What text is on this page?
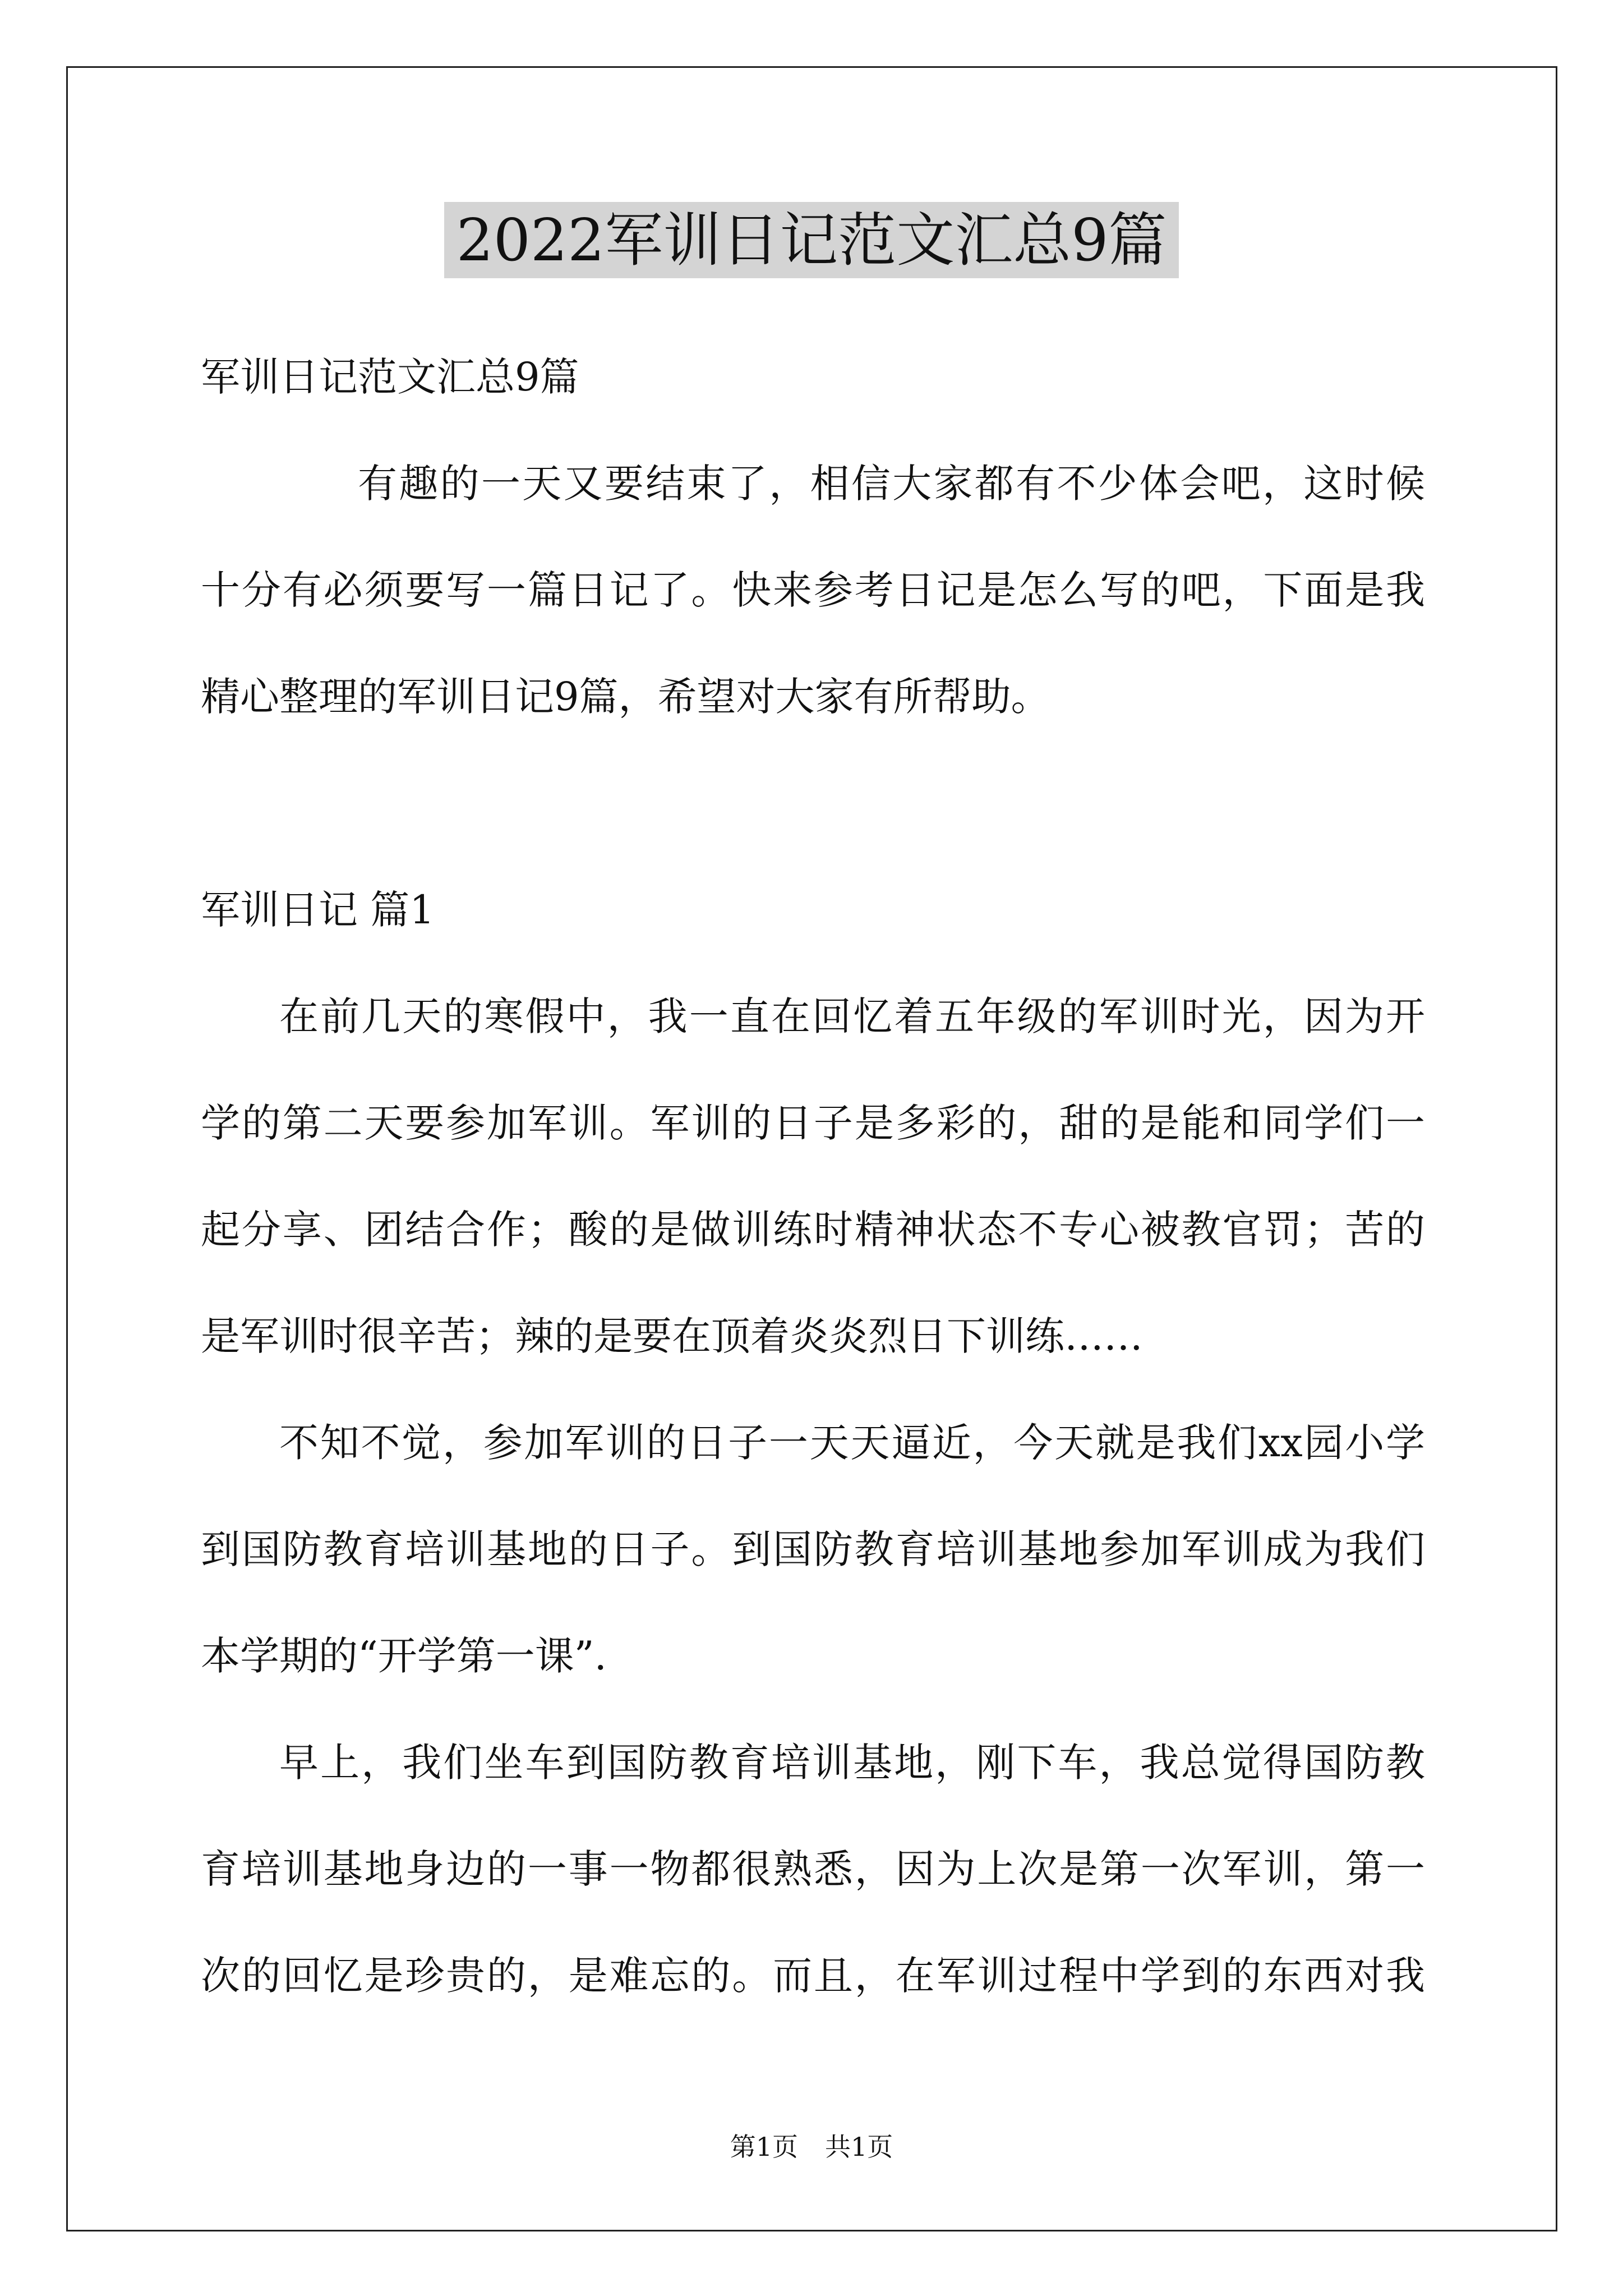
2022军训日记范文汇总9篇
军训日记范文汇总9篇
有趣的一天又要结束了，相信大家都有不少体会吧，这时候
十分有必须要写一篇日记了。快来参考日记是怎么写的吧，下面是我
精心整理的军训日记9篇，希望对大家有所帮助。
军训日记 篇1
在前几天的寒假中，我一直在回忆着五年级的军训时光，因为开
学的第二天要参加军训。军训的日子是多彩的，甜的是能和同学们一
起分享、团结合作；酸的是做训练时精神状态不专心被教官罚；苦的
是军训时很辛苦；辣的是要在顶着炎炎烈日下训练……
不知不觉，参加军训的日子一天天逼近，今天就是我们xx园小学
到国防教育培训基地的日子。到国防教育培训基地参加军训成为我们
本学期的“开学第一课”.
早上，我们坐车到国防教育培训基地，刚下车，我总觉得国防教
育培训基地身边的一事一物都很熟悉，因为上次是第一次军训，第一
次的回忆是珍贵的，是难忘的。而且，在军训过程中学到的东西对我
第1页 共1页
